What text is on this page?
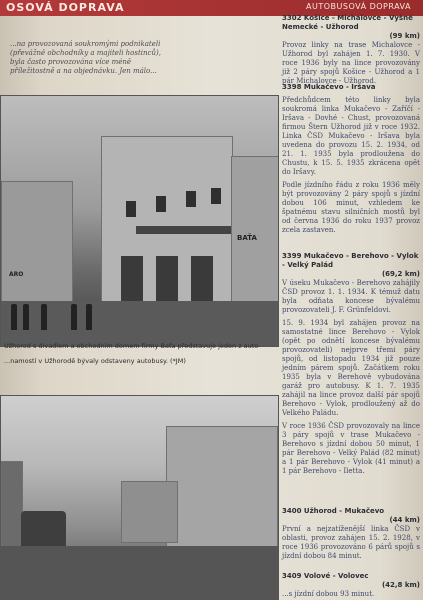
OSOVÁ DOPRAVA	AUTOBUSOVÁ DOPRAVA
...na provozovaná soukromými podnikateli (převážně obchodníky a majiteli hostinců), byla často provozována více méně příležitostně a na objednávku. Jen málo...
BAŤA
ARO
Užhorod s divadlem a obchodním domem firmy Baťa představuje jeden z auto-
...namostí v Užhorodě bývaly odstaveny autobusy. (*JM)
3302 Košice - Michalovce - Vyšné Nemecké - Užhorod
(99 km)

Provoz linky na trase Michalovce - Užhorod byl zahájen 1. 7. 1930. V roce 1936 byly na lince provozovány již 2 páry spojů Košice - Užhorod a 1 pár Michalovce - Užhorod.

3398 Mukačevo - Iršava

Předchůdcem této linky byla soukromá linka Mukačevo - Zaříčí - Iršava - Dovhé - Chust, provozovaná firmou Štern Užhorod již v roce 1932. Linka ČSD Mukačevo - Iršava byla uvedena do provozu 15. 2. 1934, od 21. 1. 1935 byla prodloužena do Chustu, k 15. 5. 1935 zkrácena opět do Iršavy.

Podle jízdního řádu z roku 1936 měly být provozovány 2 páry spojů s jízdní dobou 106 minut, vzhledem ke špatnému stavu silničních mostů byl od června 1936 do roku 1937 provoz zcela zastaven.

3399 Mukačevo - Berehovo - Vylok - Velký Palád
(69,2 km)

V úseku Mukačevo - Berehovo zahájily ČSD provoz 1. 1. 1934. K témuž datu byla odňata koncese bývalému provozovateli J. F. Grünfeldovi.

15. 9. 1934 byl zahájen provoz na samostatné lince Berehovo - Vylok (opět po odnětí koncese bývalému provozovateli) nejprve třemi páry spojů, od listopadu 1934 již pouze jedním párem spojů. Začátkem roku 1935 byla v Berehově vybudována garáž pro autobusy. K 1. 7. 1935 zahájil na lince provoz další pár spojů Berehovo - Vylok, prodloužený až do Velkého Paládu.

V roce 1936 ČSD provozovaly na lince 3 páry spojů v trase Mukačevo - Berehovo s jízdní dobou 50 minut, 1 pár Berehovo - Velký Palád (82 minut) a 1 pár Berehovo - Vylok (41 minut) a 1 pár Berehovo - Iletta.

3400 Užhorod - Mukačevo
(44 km)

První a nejzatíženější linka ČSD v oblasti, provoz zahájen 15. 2. 1928, v roce 1936 provozováno 6 párů spojů s jízdní dobou 84 minut.

3409 Volové - Volovec
(42,8 km)

...s jízdní dobou 93 minut.
